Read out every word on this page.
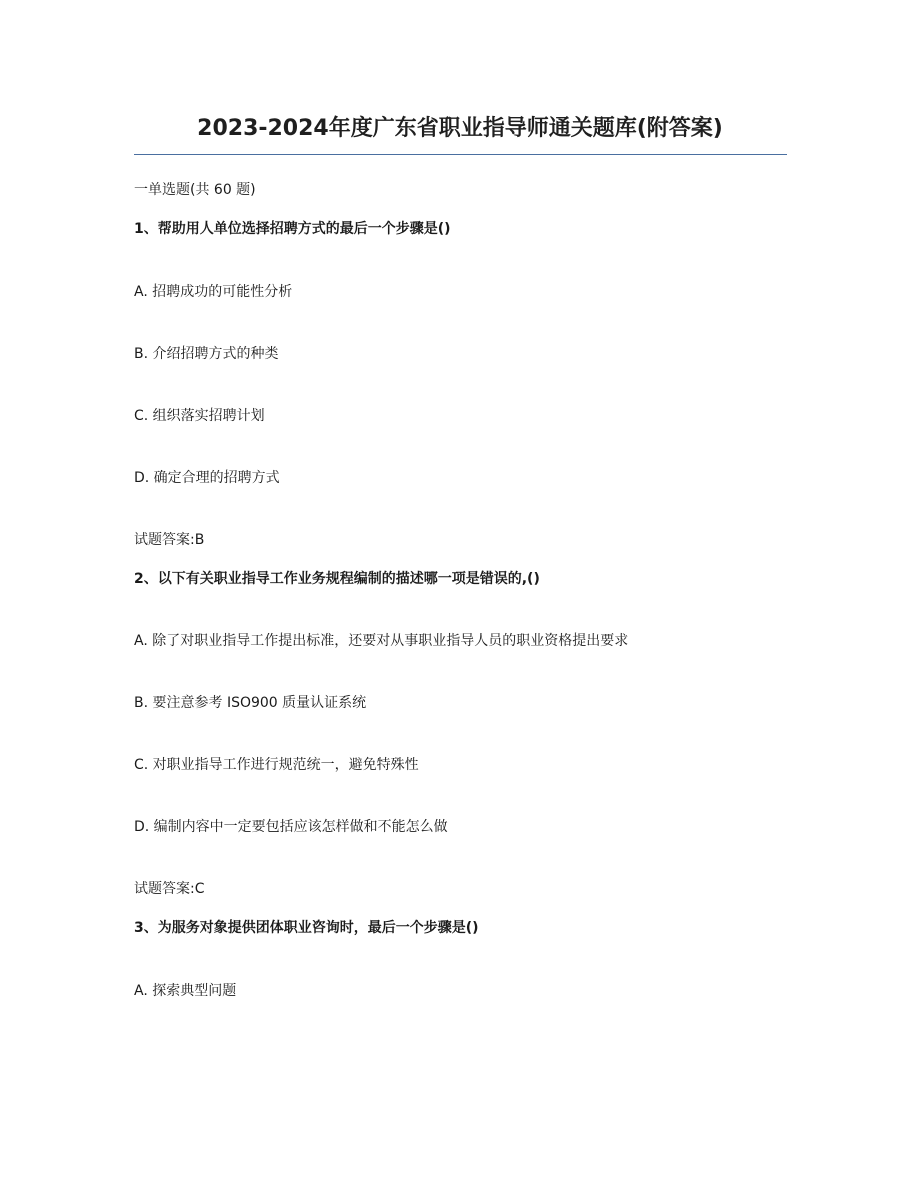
2023-2024年度广东省职业指导师通关题库(附答案)
一单选题(共 60 题)
1、帮助用人单位选择招聘方式的最后一个步骤是()
A. 招聘成功的可能性分析
B. 介绍招聘方式的种类
C. 组织落实招聘计划
D. 确定合理的招聘方式
试题答案:B
2、以下有关职业指导工作业务规程编制的描述哪一项是错误的,()
A. 除了对职业指导工作提出标准，还要对从事职业指导人员的职业资格提出要求
B. 要注意参考 ISO900 质量认证系统
C. 对职业指导工作进行规范统一，避免特殊性
D. 编制内容中一定要包括应该怎样做和不能怎么做
试题答案:C
3、为服务对象提供团体职业咨询时，最后一个步骤是()
A. 探索典型问题
